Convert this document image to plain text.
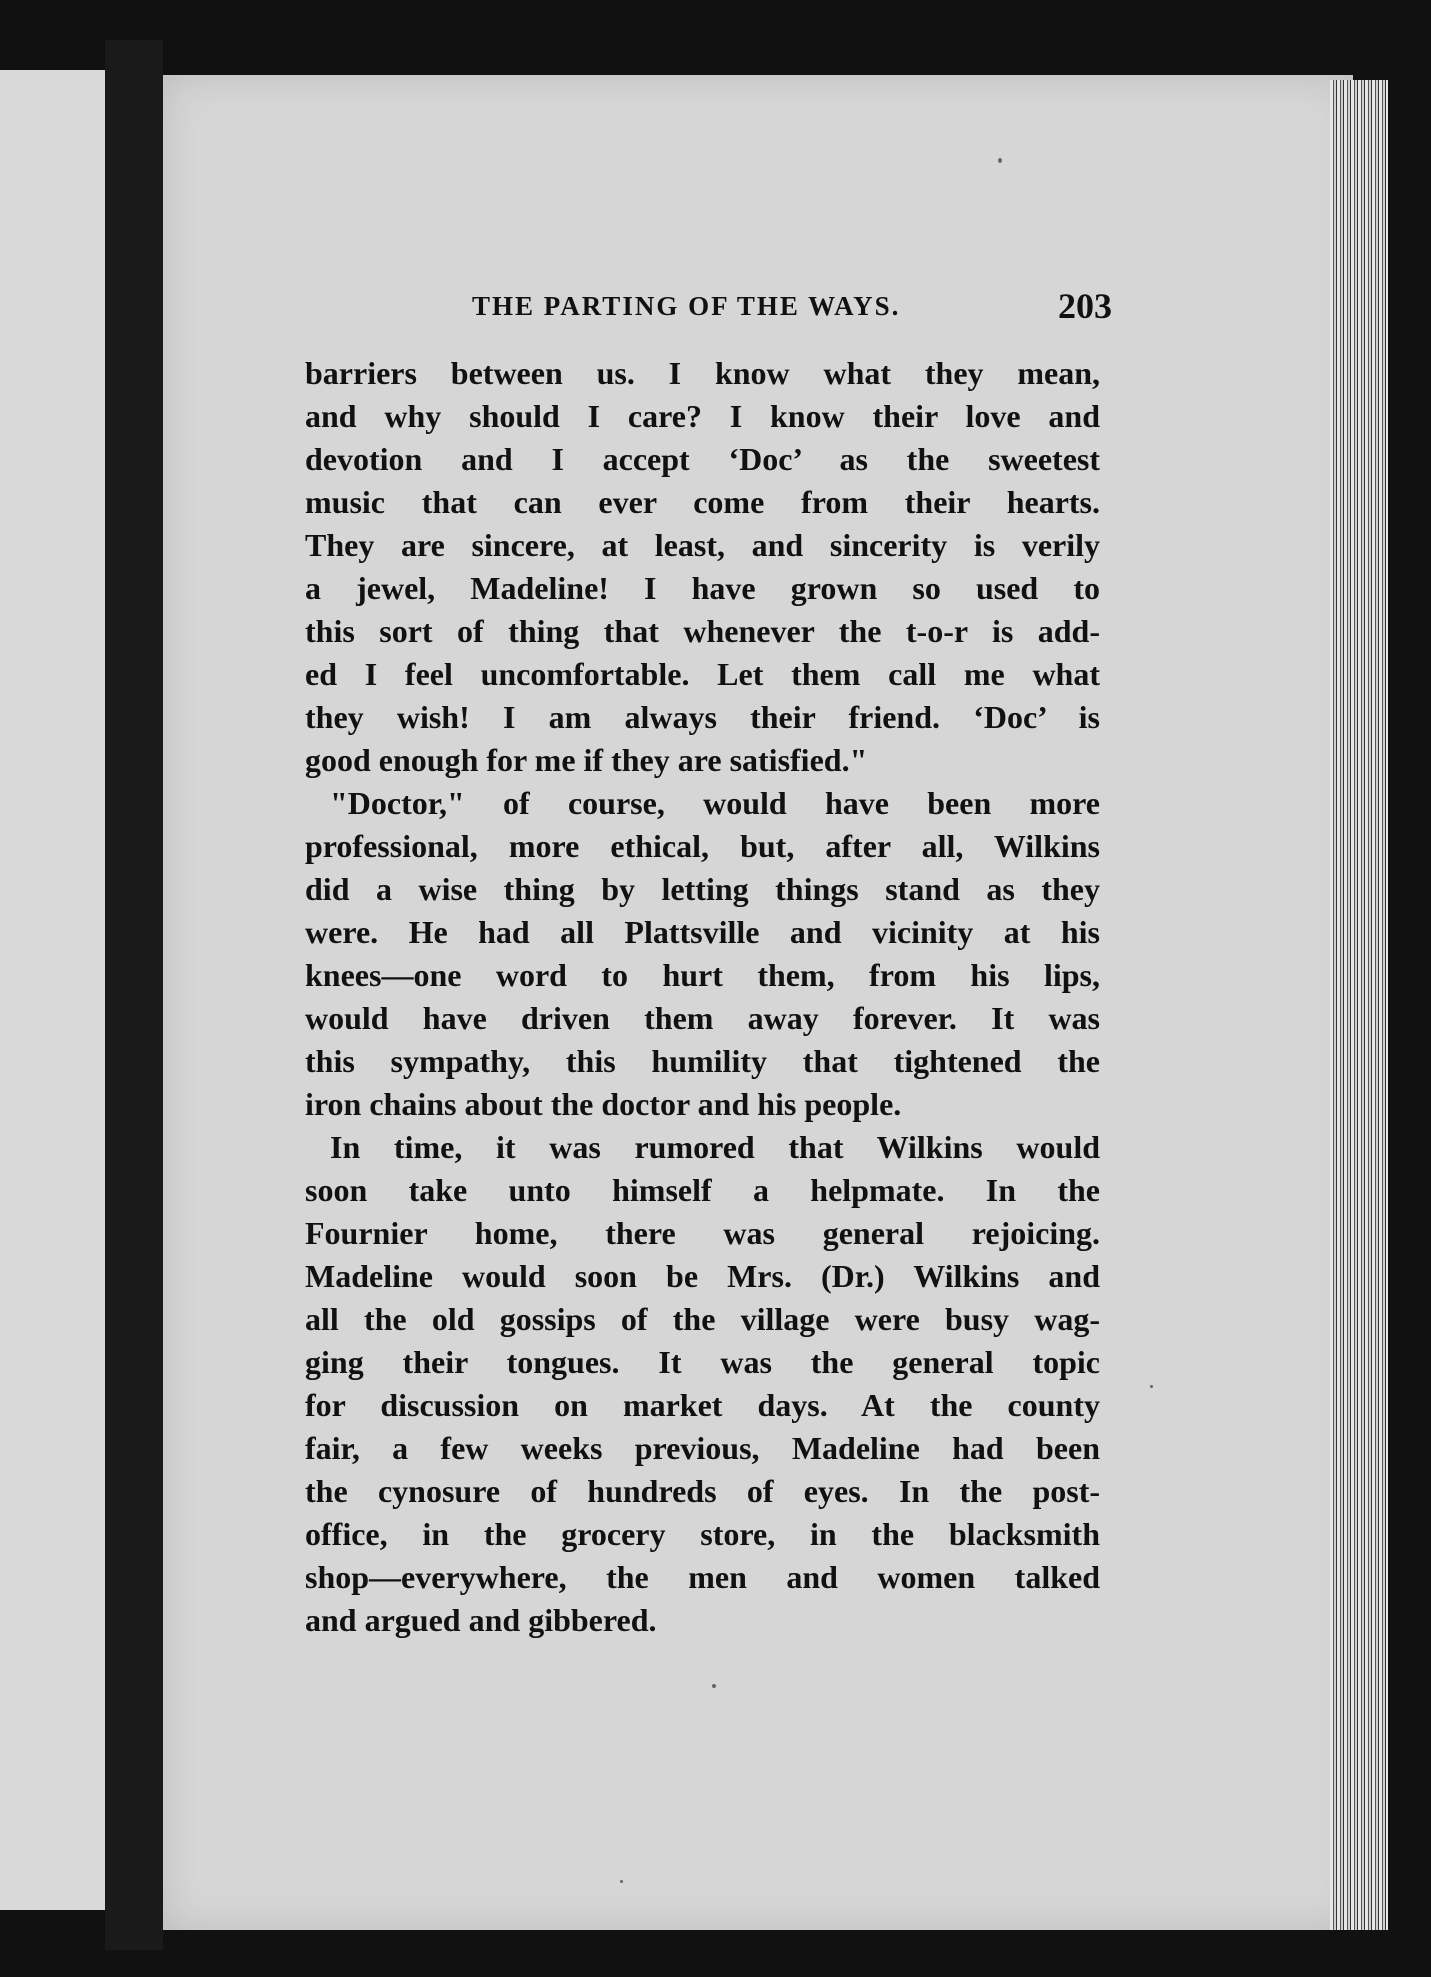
THE PARTING OF THE WAYS.	203
barriers between us. I know what they mean,
and why should I care? I know their love and
devotion and I accept ‘Doc’ as the sweetest
music that can ever come from their hearts.
They are sincere, at least, and sincerity is verily
a jewel, Madeline! I have grown so used to
this sort of thing that whenever the t-o-r is add-
ed I feel uncomfortable. Let them call me what
they wish! I am always their friend. ‘Doc’ is
good enough for me if they are satisfied."
"Doctor," of course, would have been more
professional, more ethical, but, after all, Wilkins
did a wise thing by letting things stand as they
were. He had all Plattsville and vicinity at his
knees—one word to hurt them, from his lips,
would have driven them away forever. It was
this sympathy, this humility that tightened the
iron chains about the doctor and his people.
In time, it was rumored that Wilkins would
soon take unto himself a helpmate. In the
Fournier home, there was general rejoicing.
Madeline would soon be Mrs. (Dr.) Wilkins and
all the old gossips of the village were busy wag-
ging their tongues. It was the general topic
for discussion on market days. At the county
fair, a few weeks previous, Madeline had been
the cynosure of hundreds of eyes. In the post-
office, in the grocery store, in the blacksmith
shop—everywhere, the men and women talked
and argued and gibbered.
